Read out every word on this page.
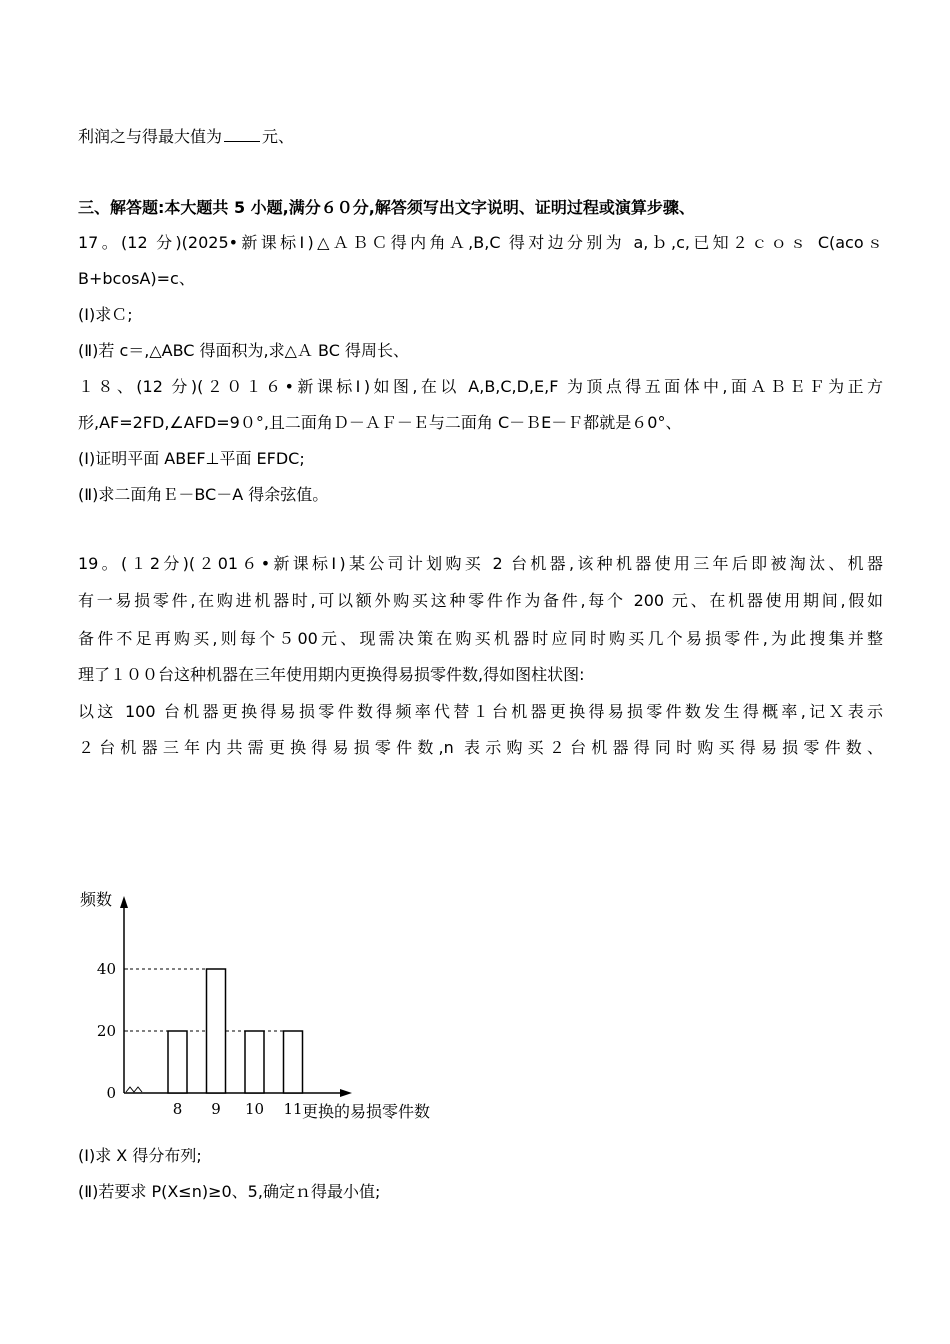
利润之与得最大值为	元、
三、解答题:本大题共 5 小题,满分６０分,解答须写出文字说明、证明过程或演算步骤、
17。(12 分)(2025•新课标Ⅰ)△ＡＢＣ得内角Ａ,B,C 得对边分别为 a,ｂ,c,已知２ｃｏｓ C(acoｓ
B+bcosA)=c、
(Ⅰ)求Ｃ;
(Ⅱ)若 c＝,△ABC 得面积为,求△Ａ BC 得周长、
１８、(12 分)(２０１６•新课标Ⅰ)如图,在以 A,B,C,D,E,F 为顶点得五面体中,面ＡＢＥＦ为正方
形,AF=2FD,∠AFD=9０°,且二面角Ｄ－ＡＦ－Ｅ与二面角 C－ＢE－Ｆ都就是６0°、
(Ⅰ)证明平面 ABEF⊥平面 EFDC;
(Ⅱ)求二面角Ｅ－BC－A 得余弦值。
19。(１2分)(２01６•新课标Ⅰ)某公司计划购买 2 台机器,该种机器使用三年后即被淘汰、机器
有一易损零件,在购进机器时,可以额外购买这种零件作为备件,每个 200 元、在机器使用期间,假如
备件不足再购买,则每个５00元、现需决策在购买机器时应同时购买几个易损零件,为此搜集并整
理了１００台这种机器在三年使用期内更换得易损零件数,得如图柱状图:
以这 100 台机器更换得易损零件数得频率代替１台机器更换得易损零件数发生得概率,记Ｘ表示
２台机器三年内共需更换得易损零件数,n 表示购买２台机器得同时购买得易损零件数、
频数
更换的易损零件数
0
20
40
8 9 10 11
(Ⅰ)求 X 得分布列;
(Ⅱ)若要求 P(X≤n)≥0、5,确定ｎ得最小值;
